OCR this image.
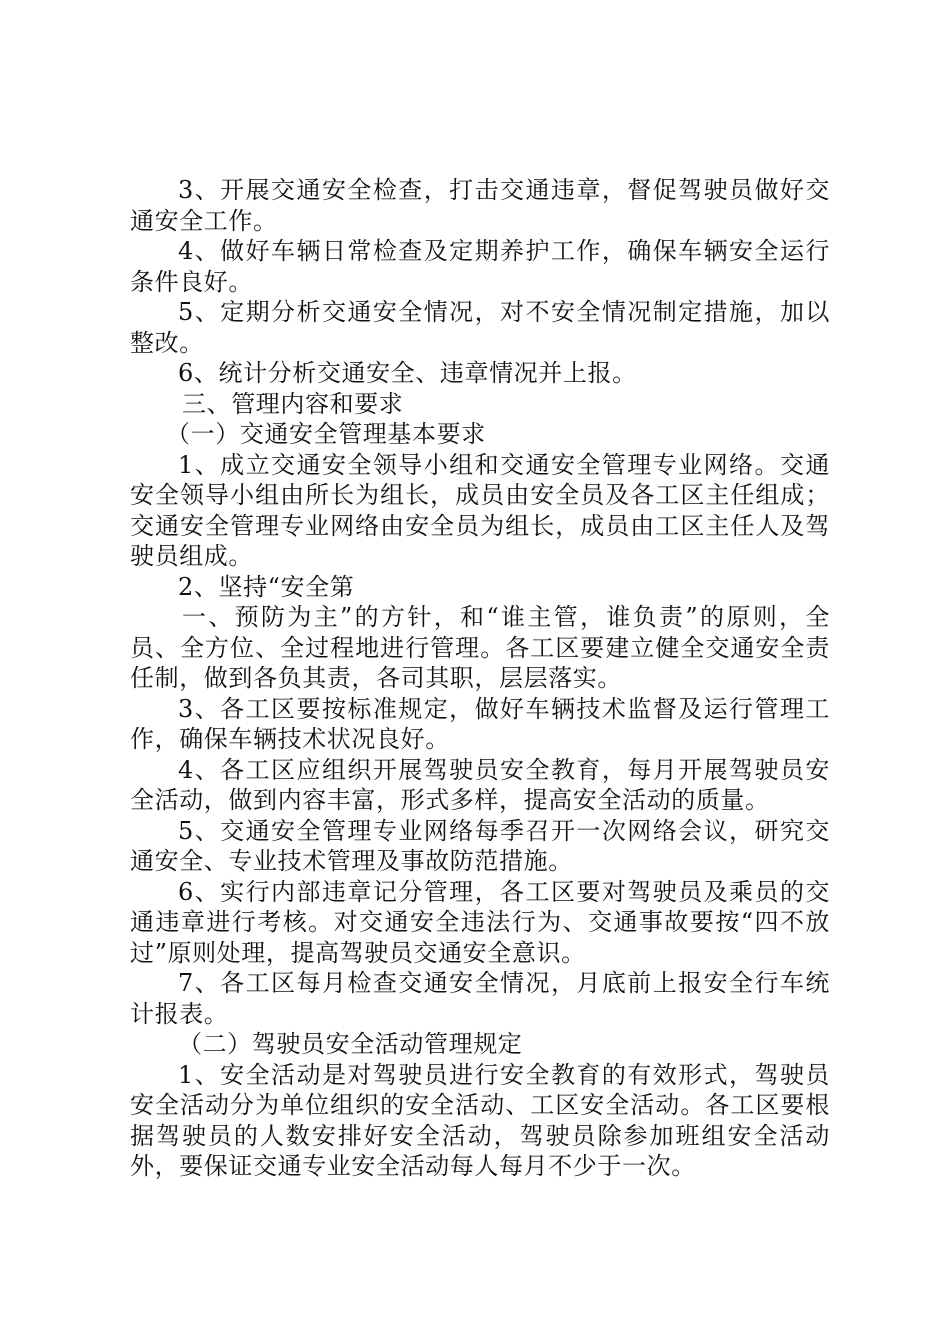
3、开展交通安全检查，打击交通违章，督促驾驶员做好交通安全工作。

4、做好车辆日常检查及定期养护工作，确保车辆安全运行条件良好。

5、定期分析交通安全情况，对不安全情况制定措施，加以整改。

6、统计分析交通安全、违章情况并上报。

三、管理内容和要求

（一）交通安全管理基本要求

1、成立交通安全领导小组和交通安全管理专业网络。交通安全领导小组由所长为组长，成员由安全员及各工区主任组成；交通安全管理专业网络由安全员为组长，成员由工区主任人及驾驶员组成。

2、坚持“安全第

一、预防为主”的方针，和“谁主管，谁负责”的原则，全员、全方位、全过程地进行管理。各工区要建立健全交通安全责任制，做到各负其责，各司其职，层层落实。

3、各工区要按标准规定，做好车辆技术监督及运行管理工作，确保车辆技术状况良好。

4、各工区应组织开展驾驶员安全教育，每月开展驾驶员安全活动，做到内容丰富，形式多样，提高安全活动的质量。

5、交通安全管理专业网络每季召开一次网络会议，研究交通安全、专业技术管理及事故防范措施。

6、实行内部违章记分管理，各工区要对驾驶员及乘员的交通违章进行考核。对交通安全违法行为、交通事故要按“四不放过”原则处理，提高驾驶员交通安全意识。

7、各工区每月检查交通安全情况，月底前上报安全行车统计报表。

（二）驾驶员安全活动管理规定

1、安全活动是对驾驶员进行安全教育的有效形式，驾驶员安全活动分为单位组织的安全活动、工区安全活动。各工区要根据驾驶员的人数安排好安全活动，驾驶员除参加班组安全活动外，要保证交通专业安全活动每人每月不少于一次。
